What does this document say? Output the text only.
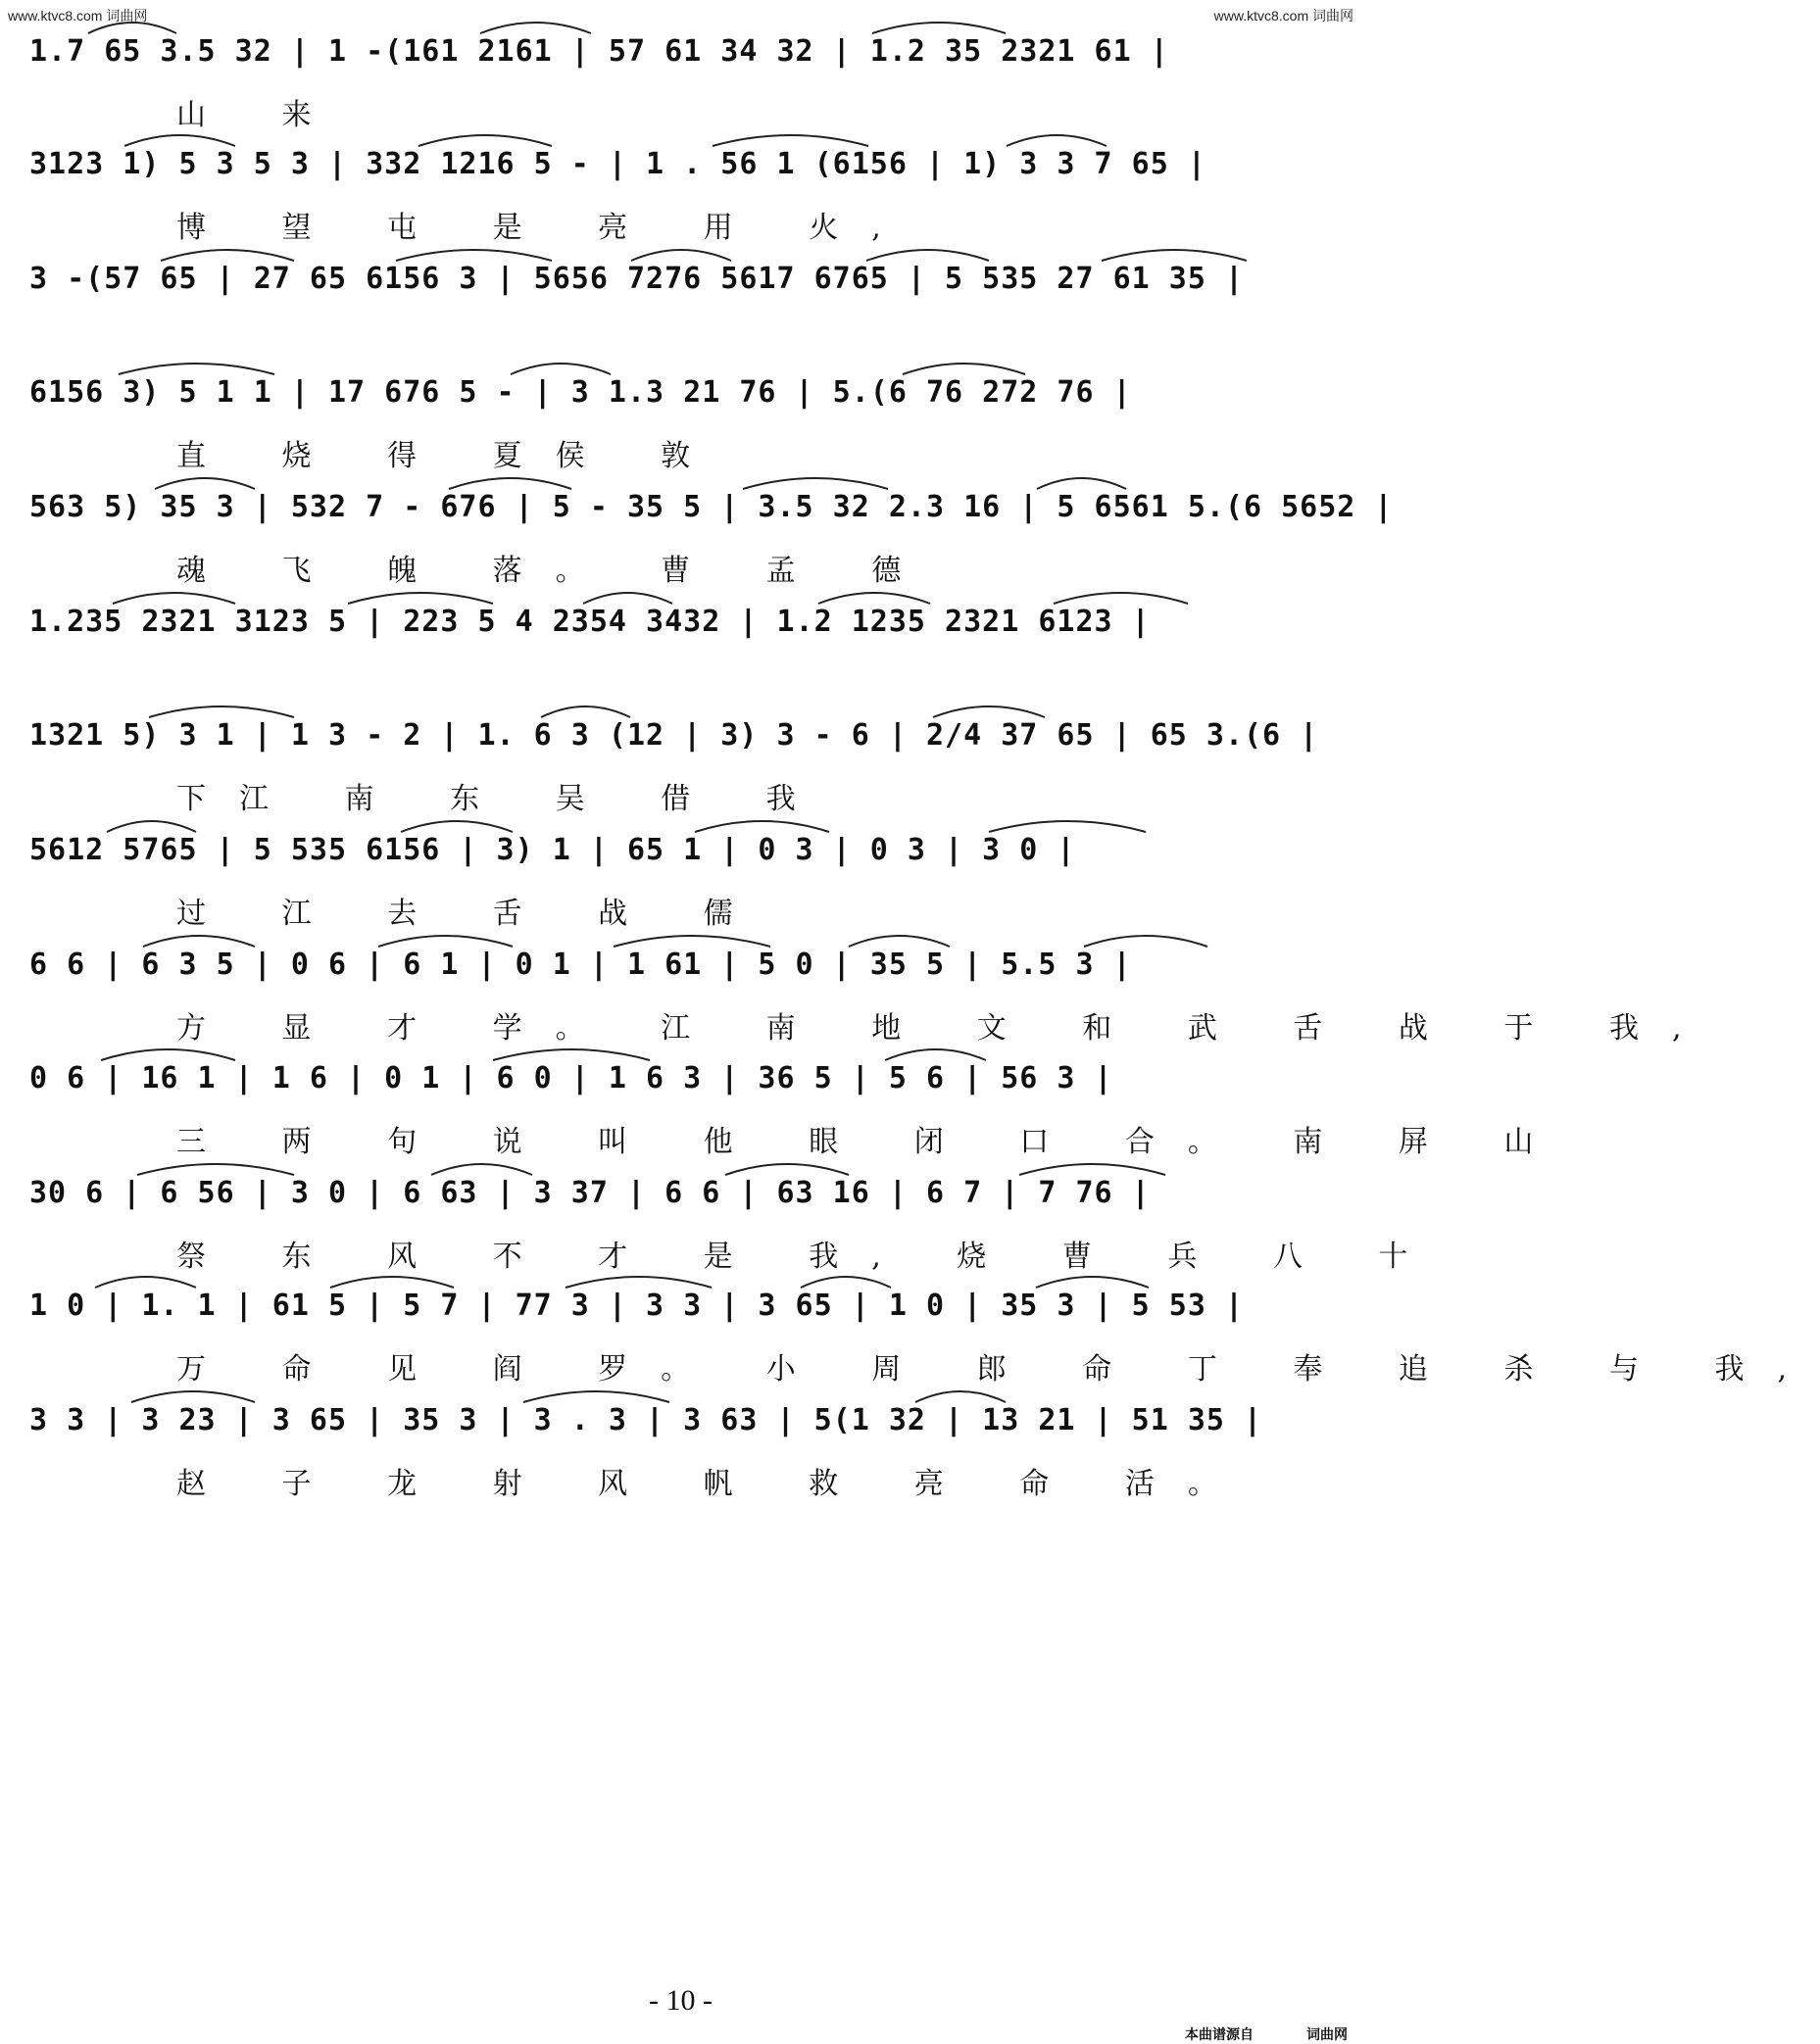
www.ktvc8.com 词曲网	www.ktvc8.com 词曲网
1.7 65 3.5 32 | 1 -(161 2161 | 57 61 34 32 | 1.2 35 2321 61 |
山 来
3123 1) 5 3 5 3 | 332 1216 5 - | 1 . 56 1 (6156 | 1) 3 3 7 65 |
博 望 屯 是 亮 用 火,
3 -(57 65 | 27 65 6156 3 | 5656 7276 5617 6765 | 5 535 27 61 35 |
6156 3) 5 1 1 | 17 676 5 - | 3 1.3 21 76 | 5.(6 76 272 76 |
直 烧 得 夏侯 敦
563 5) 35 3 | 532 7 - 676 | 5 - 35 5 | 3.5 32 2.3 16 | 5 6561 5.(6 5652 |
魂 飞 魄 落。 曹 孟 德
1.235 2321 3123 5 | 223 5 4 2354 3432 | 1.2 1235 2321 6123 |
1321 5) 3 1 | 1 3 - 2 | 1. 6 3 (12 | 3) 3 - 6 | 2/4 37 65 | 65 3.(6 |
下江 南 东 吴 借 我
5612 5765 | 5 535 6156 | 3) 1 | 65 1 | 0 3 | 0 3 | 3 0 |
过 江 去 舌 战 儒
6 6 | 6 3 5 | 0 6 | 6 1 | 0 1 | 1 61 | 5 0 | 35 5 | 5.5 3 |
方 显 才 学。 江 南 地 文 和 武 舌 战 于 我,
0 6 | 16 1 | 1 6 | 0 1 | 6 0 | 1 6 3 | 36 5 | 5 6 | 56 3 |
三 两 句 说 叫 他 眼 闭 口 合。 南 屏 山
30 6 | 6 56 | 3 0 | 6 63 | 3 37 | 6 6 | 63 16 | 6 7 | 7 76 |
祭 东 风 不 才 是 我, 烧 曹 兵 八 十
1 0 | 1. 1 | 61 5 | 5 7 | 77 3 | 3 3 | 3 65 | 1 0 | 35 3 | 5 53 |
万 命 见 阎 罗。 小 周 郎 命 丁 奉 追 杀 与 我,
3 3 | 3 23 | 3 65 | 35 3 | 3 . 3 | 3 63 | 5(1 32 | 13 21 | 51 35 |
赵 子 龙 射 风 帆 救 亮 命 活。
- 10 -
本曲谱源自	词曲网
